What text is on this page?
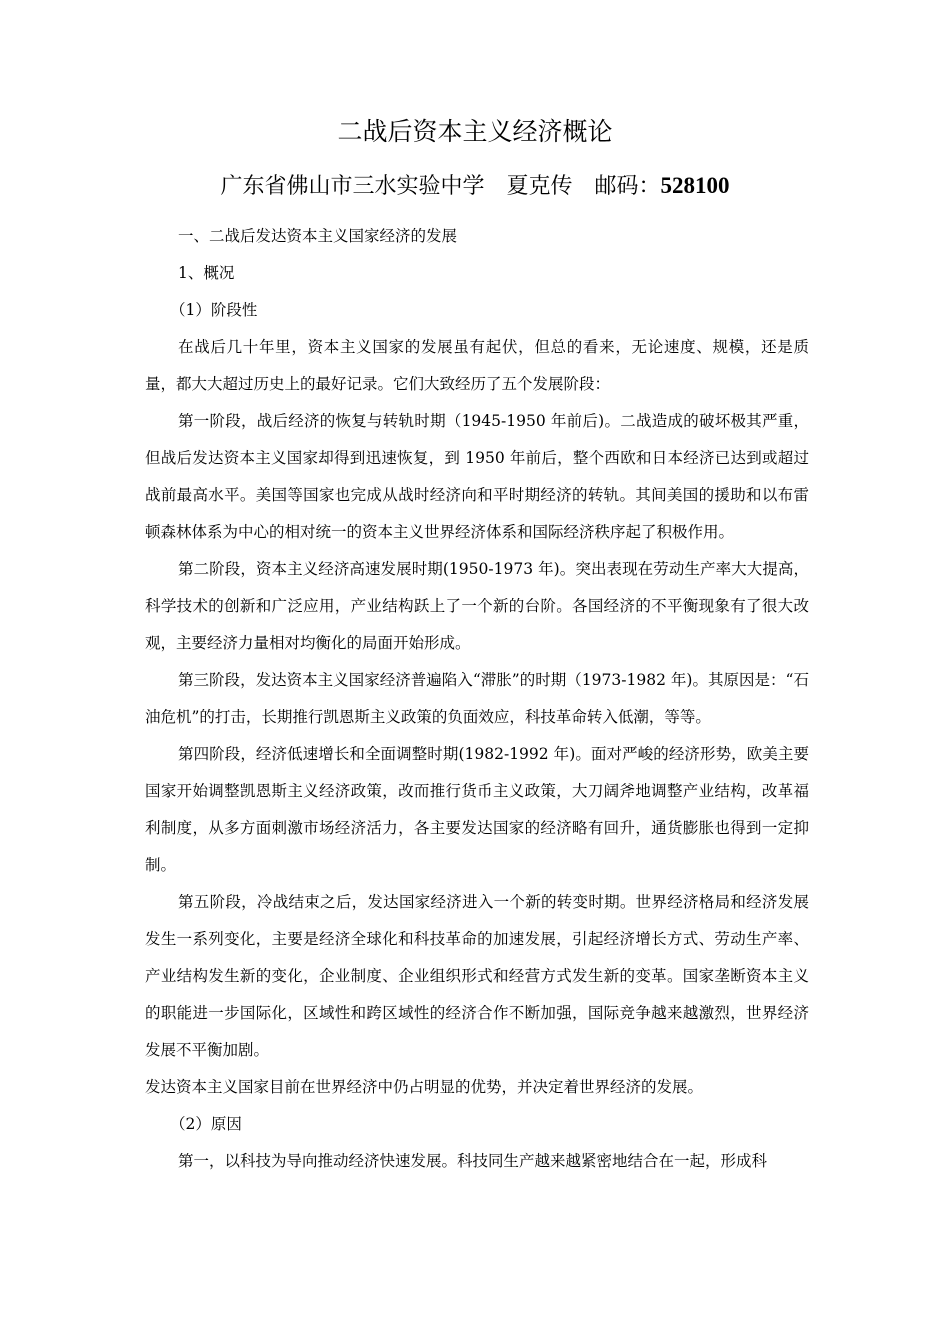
二战后资本主义经济概论
广东省佛山市三水实验中学　夏克传　邮码：528100

一、二战后发达资本主义国家经济的发展

1、概况

（1）阶段性

在战后几十年里，资本主义国家的发展虽有起伏，但总的看来，无论速度、规模，还是质量，都大大超过历史上的最好记录。它们大致经历了五个发展阶段：

第一阶段，战后经济的恢复与转轨时期（1945-1950 年前后)。二战造成的破坏极其严重，但战后发达资本主义国家却得到迅速恢复，到 1950 年前后，整个西欧和日本经济已达到或超过战前最高水平。美国等国家也完成从战时经济向和平时期经济的转轨。其间美国的援助和以布雷顿森林体系为中心的相对统一的资本主义世界经济体系和国际经济秩序起了积极作用。

第二阶段，资本主义经济高速发展时期(1950-1973 年)。突出表现在劳动生产率大大提高，科学技术的创新和广泛应用，产业结构跃上了一个新的台阶。各国经济的不平衡现象有了很大改观，主要经济力量相对均衡化的局面开始形成。

第三阶段，发达资本主义国家经济普遍陷入“滞胀”的时期（1973-1982 年)。其原因是：“石油危机”的打击，长期推行凯恩斯主义政策的负面效应，科技革命转入低潮，等等。

第四阶段，经济低速增长和全面调整时期(1982-1992 年)。面对严峻的经济形势，欧美主要国家开始调整凯恩斯主义经济政策，改而推行货币主义政策，大刀阔斧地调整产业结构，改革福利制度，从多方面刺激市场经济活力，各主要发达国家的经济略有回升，通货膨胀也得到一定抑制。

第五阶段，冷战结束之后，发达国家经济进入一个新的转变时期。世界经济格局和经济发展发生一系列变化，主要是经济全球化和科技革命的加速发展，引起经济增长方式、劳动生产率、产业结构发生新的变化，企业制度、企业组织形式和经营方式发生新的变革。国家垄断资本主义的职能进一步国际化，区域性和跨区域性的经济合作不断加强，国际竞争越来越激烈，世界经济发展不平衡加剧。

发达资本主义国家目前在世界经济中仍占明显的优势，并决定着世界经济的发展。

（2）原因

第一，以科技为导向推动经济快速发展。科技同生产越来越紧密地结合在一起，形成科
